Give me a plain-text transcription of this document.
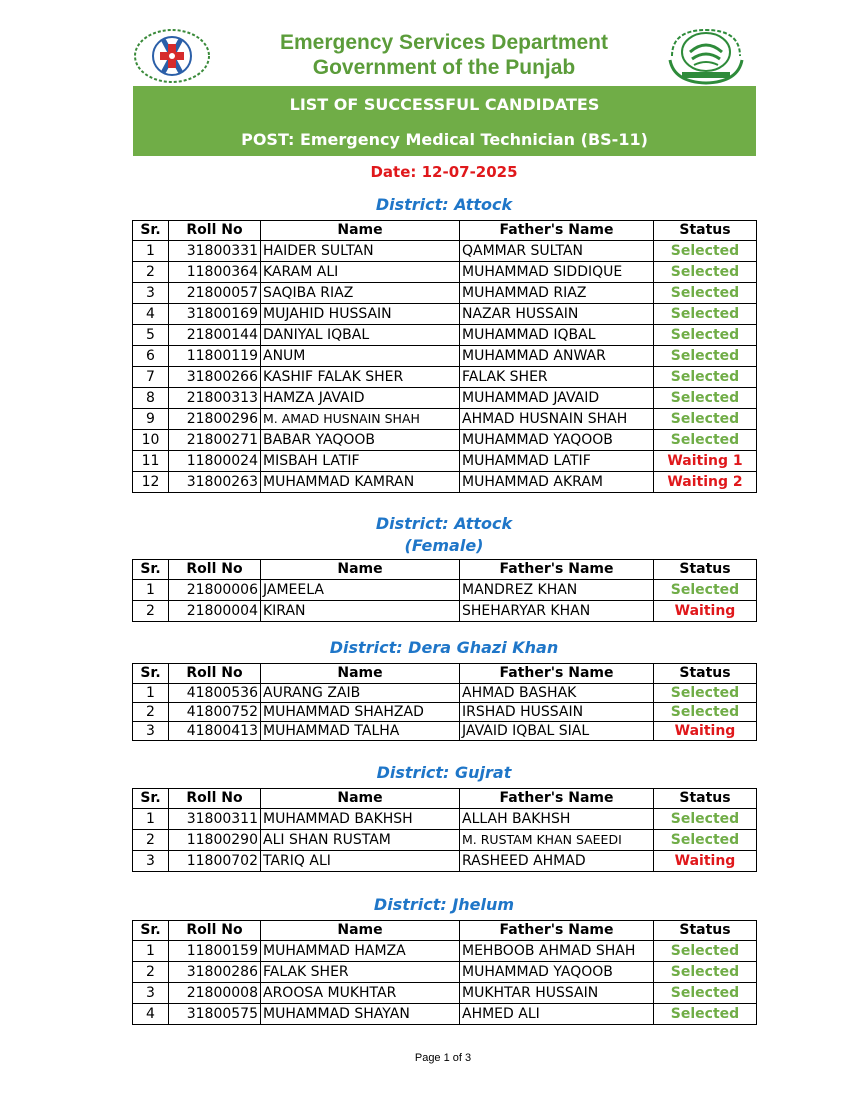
Emergency Services Department
Government of the Punjab
LIST OF SUCCESSFUL CANDIDATES
POST: Emergency Medical Technician (BS-11)
Date: 12-07-2025
District: Attock
Sr.	Roll No	Name	Father's Name	Status
1	31800331	HAIDER SULTAN	QAMMAR SULTAN	Selected
2	11800364	KARAM ALI	MUHAMMAD SIDDIQUE	Selected
3	21800057	SAQIBA RIAZ	MUHAMMAD RIAZ	Selected
4	31800169	MUJAHID HUSSAIN	NAZAR HUSSAIN	Selected
5	21800144	DANIYAL IQBAL	MUHAMMAD IQBAL	Selected
6	11800119	ANUM	MUHAMMAD ANWAR	Selected
7	31800266	KASHIF FALAK SHER	FALAK SHER	Selected
8	21800313	HAMZA JAVAID	MUHAMMAD JAVAID	Selected
9	21800296	M. AMAD HUSNAIN SHAH	AHMAD HUSNAIN SHAH	Selected
10	21800271	BABAR YAQOOB	MUHAMMAD YAQOOB	Selected
11	11800024	MISBAH LATIF	MUHAMMAD LATIF	Waiting 1
12	31800263	MUHAMMAD KAMRAN	MUHAMMAD AKRAM	Waiting 2
District: Attock
(Female)
Sr.	Roll No	Name	Father's Name	Status
1	21800006	JAMEELA	MANDREZ KHAN	Selected
2	21800004	KIRAN	SHEHARYAR KHAN	Waiting
District: Dera Ghazi Khan
Sr.	Roll No	Name	Father's Name	Status
1	41800536	AURANG ZAIB	AHMAD BASHAK	Selected
2	41800752	MUHAMMAD SHAHZAD	IRSHAD HUSSAIN	Selected
3	41800413	MUHAMMAD TALHA	JAVAID IQBAL SIAL	Waiting
District: Gujrat
Sr.	Roll No	Name	Father's Name	Status
1	31800311	MUHAMMAD BAKHSH	ALLAH BAKHSH	Selected
2	11800290	ALI SHAN RUSTAM	M. RUSTAM KHAN SAEEDI	Selected
3	11800702	TARIQ ALI	RASHEED AHMAD	Waiting
District: Jhelum
Sr.	Roll No	Name	Father's Name	Status
1	11800159	MUHAMMAD HAMZA	MEHBOOB AHMAD SHAH	Selected
2	31800286	FALAK SHER	MUHAMMAD YAQOOB	Selected
3	21800008	AROOSA MUKHTAR	MUKHTAR HUSSAIN	Selected
4	31800575	MUHAMMAD SHAYAN	AHMED ALI	Selected
Page 1 of 3
